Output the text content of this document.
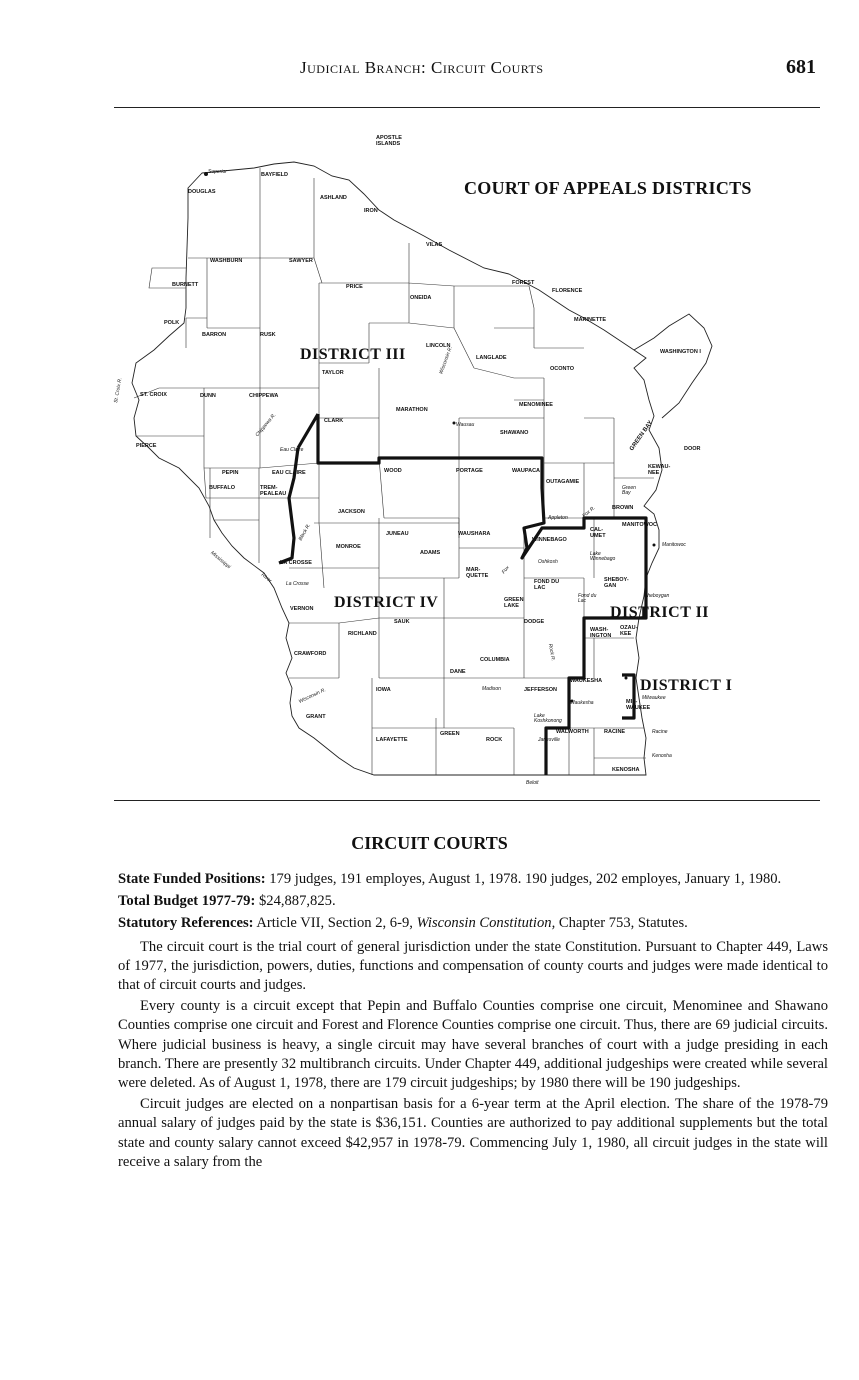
Judicial Branch: Circuit Courts	681
COURT OF APPEALS DISTRICTS
DISTRICT III
DISTRICT IV
DISTRICT II
DISTRICT I
APOSTLE
ISLANDS
DOUGLAS
BAYFIELD
ASHLAND
IRON
VILAS
WASHBURN	SAWYER
BURNETT	PRICE
ONEIDA
FOREST
FLORENCE
MARINETTE
POLK
BARRON	RUSK
LINCOLN
LANGLADE
TAYLOR
OCONTO
ST. CROIX	DUNN	CHIPPEWA
MENOMINEE
MARATHON
CLARK
SHAWANO
DOOR
PIERCE
KEWAU-
NEE
PEPIN	EAU CLAIRE	WOOD	PORTAGE	WAUPACA
BUFFALO	TREM-
PEALEAU
OUTAGAMIE
BROWN
JACKSON
CAL-
UMET
MANITOWOC
JUNEAU	WAUSHARA
WINNEBAGO
MONROE
ADAMS
LA CROSSE
MAR-
QUETTE
GREEN
LAKE
FOND DU
LAC
SHEBOY-
GAN
VERNON
SAUK	DODGE
WASH-
INGTON
OZAU-
KEE
RICHLAND
CRAWFORD
COLUMBIA
DANE
WAUKESHA
MIL-
WAUKEE
IOWA
GRANT
JEFFERSON
WALWORTH	RACINE
LAFAYETTE
GREEN
ROCK
KENOSHA
WASHINGTON I
Superior
Wausau
Eau Claire
Green
Bay
Appleton
Oshkosh
Manitowoc
Fond du
Lac
Sheboygan
La Crosse
Madison
Waukesha
Milwaukee
Racine
Kenosha
Janesville
Beloit
Lake
Winnebago
Lake
Koshkonong
GREEN BAY
St. Croix R.
Chippewa R.
Wisconsin R.
Wisconsin R.
Black R.
Mississippi
River
Fox R.
Fox
Rock R.
CIRCUIT COURTS

State Funded Positions: 179 judges, 191 employes, August 1, 1978. 190 judges, 202 employes, January 1, 1980.

Total Budget 1977-79: $24,887,825.

Statutory References: Article VII, Section 2, 6-9, Wisconsin Constitution, Chapter 753, Statutes.

The circuit court is the trial court of general jurisdiction under the state Constitution. Pursuant to Chapter 449, Laws of 1977, the jurisdiction, powers, duties, functions and compensation of county courts and judges were made identical to that of circuit courts and judges.

Every county is a circuit except that Pepin and Buffalo Counties comprise one circuit, Menominee and Shawano Counties comprise one circuit and Forest and Florence Counties comprise one circuit. Thus, there are 69 judicial circuits. Where judicial business is heavy, a single circuit may have several branches of court with a judge presiding in each branch. There are presently 32 multibranch circuits. Under Chapter 449, additional judgeships were created while several were deleted. As of August 1, 1978, there are 179 circuit judgeships; by 1980 there will be 190 judgeships.

Circuit judges are elected on a nonpartisan basis for a 6-year term at the April election. The share of the 1978-79 annual salary of judges paid by the state is $36,151. Counties are authorized to pay additional supplements but the total state and county salary cannot exceed $42,957 in 1978-79. Commencing July 1, 1980, all circuit judges in the state will receive a salary from the
